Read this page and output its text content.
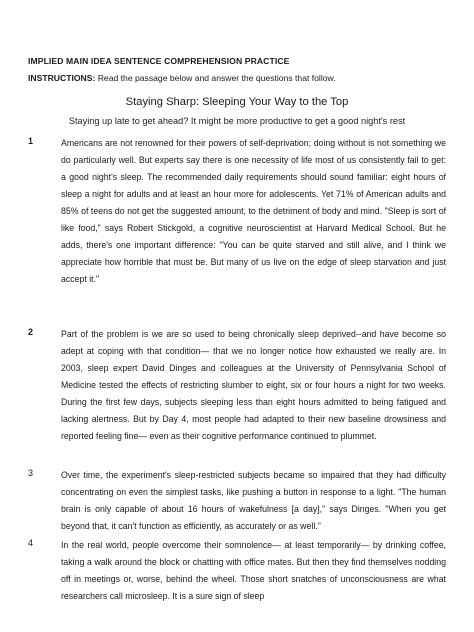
IMPLIED MAIN IDEA SENTENCE COMPREHENSION PRACTICE
INSTRUCTIONS: Read the passage below and answer the questions that follow.
Staying Sharp: Sleeping Your Way to the Top
Staying up late to get ahead? It might be more productive to get a good night's rest
1	Americans are not renowned for their powers of self-deprivation; doing without is not something we do particularly well. But experts say there is one necessity of life most of us consistently fail to get: a good night's sleep. The recommended daily requirements should sound familiar: eight hours of sleep a night for adults and at least an hour more for adolescents. Yet 71% of American adults and 85% of teens do not get the suggested amount, to the detriment of body and mind. "Sleep is sort of like food," says Robert Stickgold, a cognitive neuroscientist at Harvard Medical School. But he adds, there's one important difference: "You can be quite starved and still alive, and I think we appreciate how horrible that must be. But many of us live on the edge of sleep starvation and just accept it."
2	Part of the problem is we are so used to being chronically sleep deprived--and have become so adept at coping with that condition— that we no longer notice how exhausted we really are. In 2003, sleep expert David Dinges and colleagues at the University of Pennsylvania School of Medicine tested the effects of restricting slumber to eight, six or four hours a night for two weeks. During the first few days, subjects sleeping less than eight hours admitted to being fatigued and lacking alertness. But by Day 4, most people had adapted to their new baseline drowsiness and reported feeling fine— even as their cognitive performance continued to plummet.
3	Over time, the experiment's sleep-restricted subjects became so impaired that they had difficulty concentrating on even the simplest tasks, like pushing a button in response to a light. "The human brain is only capable of about 16 hours of wakefulness [a day]," says Dinges. "When you get beyond that, it can't function as efficiently, as accurately or as well."
4	In the real world, people overcome their somnolence— at least temporarily— by drinking coffee, taking a walk around the block or chatting with office mates. But then they find themselves nodding off in meetings or, worse, behind the wheel. Those short snatches of unconsciousness are what researchers call microsleep. It is a sure sign of sleep
